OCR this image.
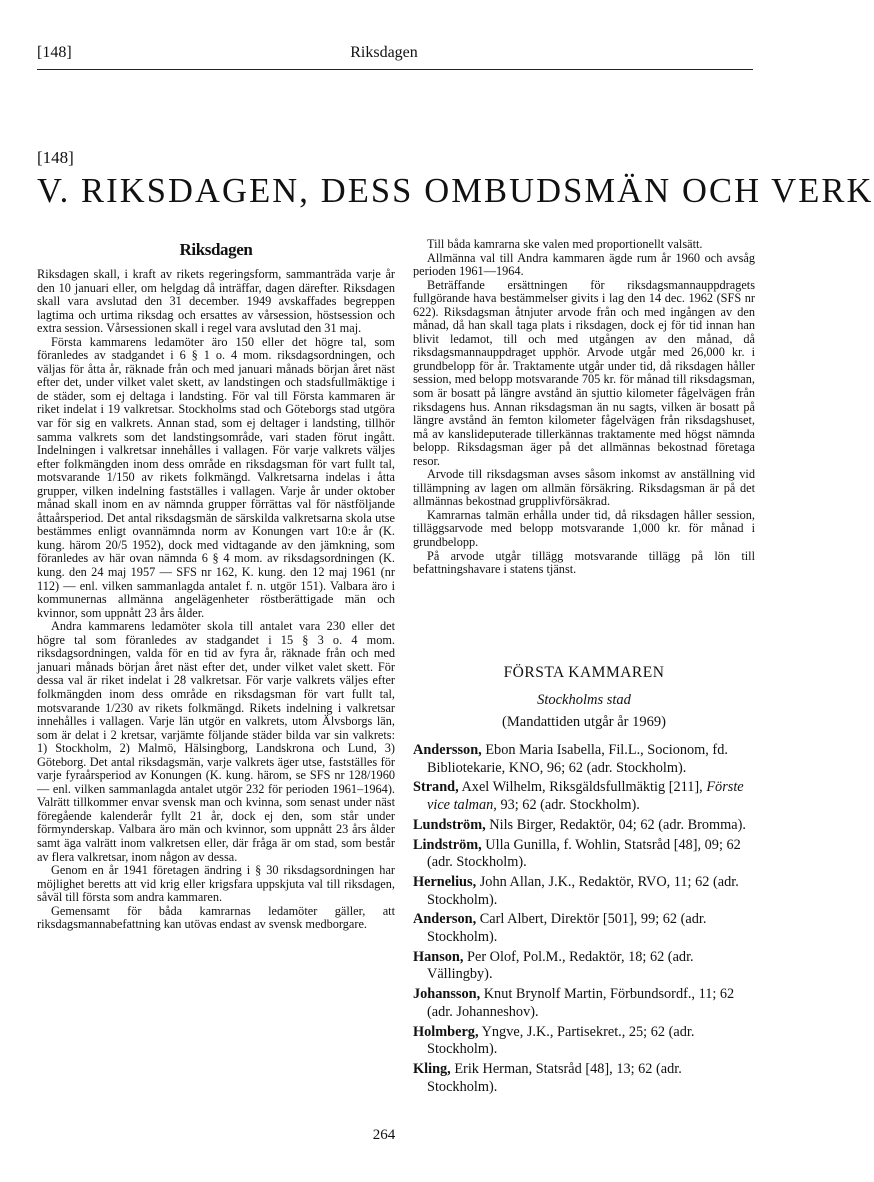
[148]	Riksdagen
[148]
V. RIKSDAGEN, DESS OMBUDSMÄN OCH VERK
Riksdagen

Riksdagen skall, i kraft av rikets regeringsform, sammanträda varje år den 10 januari eller, om helgdag då inträffar, dagen därefter. Riksdagen skall vara avslutad den 31 december. 1949 avskaffades begreppen lagtima och urtima riksdag och ersattes av vårsession, höstsession och extra session. Vårsessionen skall i regel vara avslutad den 31 maj.

Första kammarens ledamöter äro 150 eller det högre tal, som föranledes av stadgandet i 6 § 1 o. 4 mom. riksdagsordningen, och väljas för åtta år, räknade från och med januari månads början året näst efter det, under vilket valet skett, av landstingen och stadsfullmäktige i de städer, som ej deltaga i landsting. För val till Första kammaren är riket indelat i 19 valkretsar. Stockholms stad och Göteborgs stad utgöra var för sig en valkrets. Annan stad, som ej deltager i landsting, tillhör samma valkrets som det landstingsområde, vari staden förut ingått. Indelningen i valkretsar innehålles i vallagen. För varje valkrets väljes efter folkmängden inom dess område en riksdagsman för vart fullt tal, motsvarande 1/150 av rikets folkmängd. Valkretsarna indelas i åtta grupper, vilken indelning fastställes i vallagen. Varje år under oktober månad skall inom en av nämnda grupper förrättas val för nästföljande åttaårsperiod. Det antal riksdagsmän de särskilda valkretsarna skola utse bestämmes enligt ovannämnda norm av Konungen vart 10:e år (K. kung. härom 20/5 1952), dock med vidtagande av den jämkning, som föranledes av här ovan nämnda 6 § 4 mom. av riksdagsordningen (K. kung. den 24 maj 1957 — SFS nr 162, K. kung. den 12 maj 1961 (nr 112) — enl. vilken sammanlagda antalet f. n. utgör 151). Valbara äro i kommunernas allmänna angelägenheter röstberättigade män och kvinnor, som uppnått 23 års ålder.

Andra kammarens ledamöter skola till antalet vara 230 eller det högre tal som föranledes av stadgandet i 15 § 3 o. 4 mom. riksdagsordningen, valda för en tid av fyra år, räknade från och med januari månads början året näst efter det, under vilket valet skett. För dessa val är riket indelat i 28 valkretsar. För varje valkrets väljes efter folkmängden inom dess område en riksdagsman för vart fullt tal, motsvarande 1/230 av rikets folkmängd. Rikets indelning i valkretsar innehålles i vallagen. Varje län utgör en valkrets, utom Älvsborgs län, som är delat i 2 kretsar, varjämte följande städer bilda var sin valkrets: 1) Stockholm, 2) Malmö, Hälsingborg, Landskrona och Lund, 3) Göteborg. Det antal riksdagsmän, varje valkrets äger utse, fastställes för varje fyraårsperiod av Konungen (K. kung. härom, se SFS nr 128/1960 — enl. vilken sammanlagda antalet utgör 232 för perioden 1961–1964). Valrätt tillkommer envar svensk man och kvinna, som senast under näst föregående kalenderår fyllt 21 år, dock ej den, som står under förmynderskap. Valbara äro män och kvinnor, som uppnått 23 års ålder samt äga valrätt inom valkretsen eller, där fråga är om stad, som består av flera valkretsar, inom någon av dessa.

Genom en år 1941 företagen ändring i § 30 riksdagsordningen har möjlighet beretts att vid krig eller krigsfara uppskjuta val till riksdagen, såväl till första som andra kammaren.

Gemensamt för båda kamrarnas ledamöter gäller, att riksdagsmannabefattning kan utövas endast av svensk medborgare.

Till båda kamrarna ske valen med proportionellt valsätt.

Allmänna val till Andra kammaren ägde rum år 1960 och avsåg perioden 1961—1964.

Beträffande ersättningen för riksdagsmannauppdragets fullgörande hava bestämmelser givits i lag den 14 dec. 1962 (SFS nr 622). Riksdagsman åtnjuter arvode från och med ingången av den månad, då han skall taga plats i riksdagen, dock ej för tid innan han blivit ledamot, till och med utgången av den månad, då riksdagsmannauppdraget upphör. Arvode utgår med 26,000 kr. i grundbelopp för år. Traktamente utgår under tid, då riksdagen håller session, med belopp motsvarande 705 kr. för månad till riksdagsman, som är bosatt på längre avstånd än sjuttio kilometer fågelvägen från riksdagens hus. Annan riksdagsman än nu sagts, vilken är bosatt på längre avstånd än femton kilometer fågelvägen från riksdagshuset, må av kanslideputerade tillerkännas traktamente med högst nämnda belopp. Riksdagsman äger på det allmännas bekostnad företaga resor.

Arvode till riksdagsman avses såsom inkomst av anställning vid tillämpning av lagen om allmän försäkring. Riksdagsman är på det allmännas bekostnad grupplivförsäkrad.

Kamrarnas talmän erhålla under tid, då riksdagen håller session, tilläggsarvode med belopp motsvarande 1,000 kr. för månad i grundbelopp.

På arvode utgår tillägg motsvarande tillägg på lön till befattningshavare i statens tjänst.

FÖRSTA KAMMAREN
Stockholms stad
(Mandattiden utgår år 1969)

Andersson, Ebon Maria Isabella, Fil.L., Socionom, fd. Bibliotekarie, KNO, 96; 62 (adr. Stockholm).

Strand, Axel Wilhelm, Riksgäldsfullmäktig [211], Förste vice talman, 93; 62 (adr. Stockholm).

Lundström, Nils Birger, Redaktör, 04; 62 (adr. Bromma).

Lindström, Ulla Gunilla, f. Wohlin, Statsråd [48], 09; 62 (adr. Stockholm).

Hernelius, John Allan, J.K., Redaktör, RVO, 11; 62 (adr. Stockholm).

Anderson, Carl Albert, Direktör [501], 99; 62 (adr. Stockholm).

Hanson, Per Olof, Pol.M., Redaktör, 18; 62 (adr. Vällingby).

Johansson, Knut Brynolf Martin, Förbundsordf., 11; 62 (adr. Johanneshov).

Holmberg, Yngve, J.K., Partisekret., 25; 62 (adr. Stockholm).

Kling, Erik Herman, Statsråd [48], 13; 62 (adr. Stockholm).

264
